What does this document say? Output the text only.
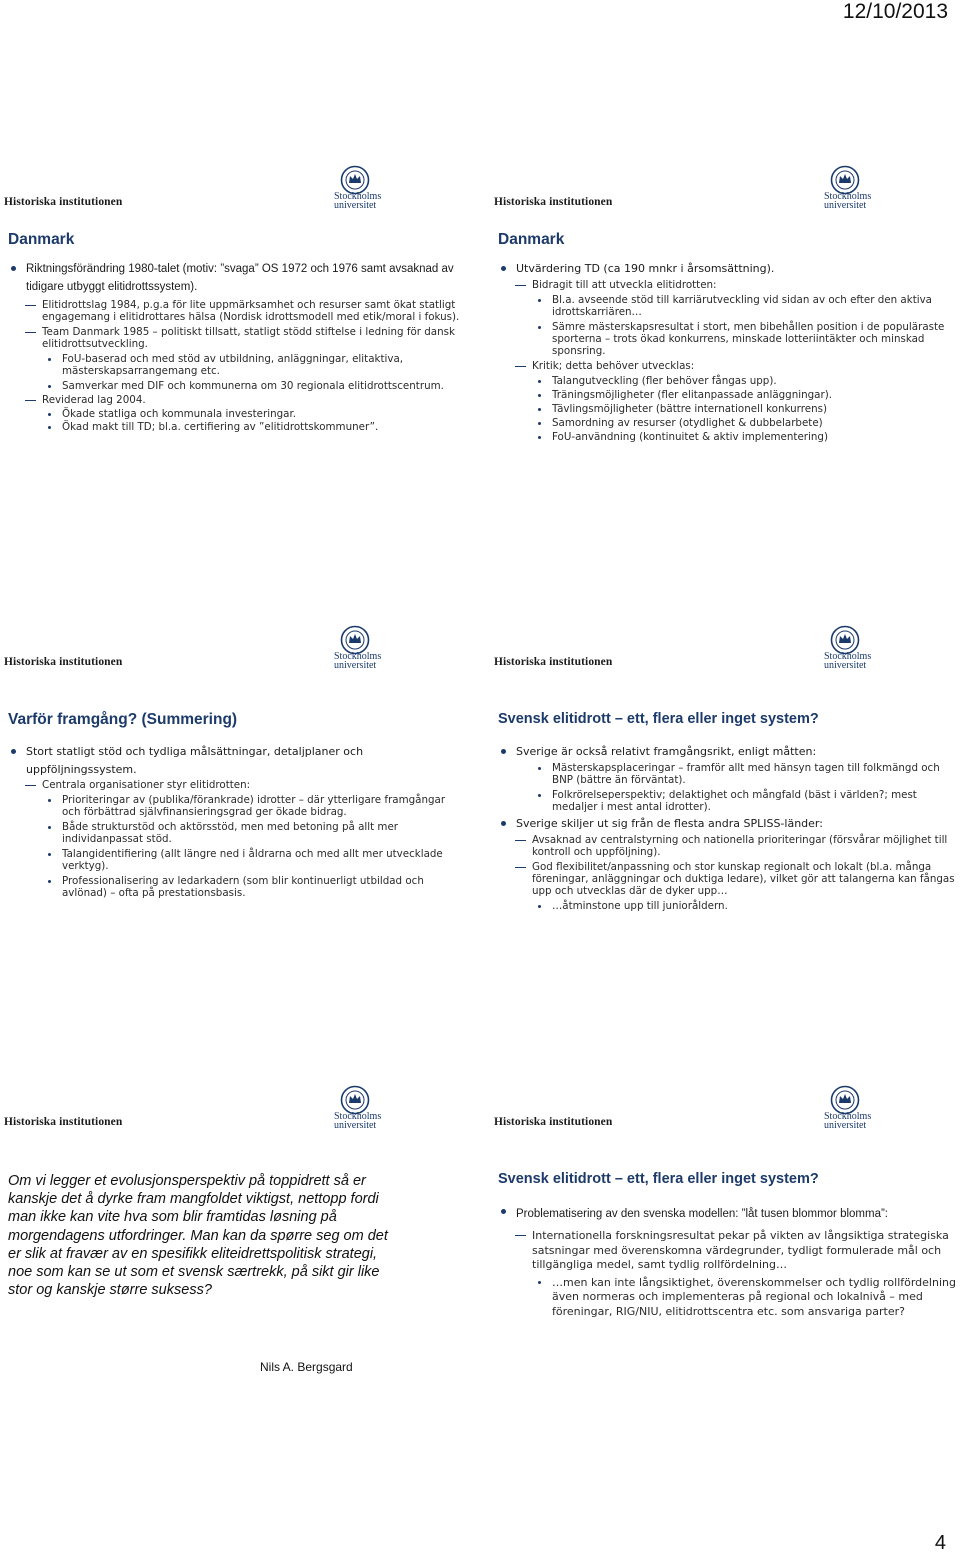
12/10/2013
Historiska institutionen	Stockholms
universitet
Danmark

Riktningsförändring 1980-talet (motiv: ”svaga” OS 1972 och 1976 samt avsaknad av tidigare utbyggt elitidrottssystem).

Elitidrottslag 1984, p.g.a för lite uppmärksamhet och resurser samt ökat statligt engagemang i elitidrottares hälsa (Nordisk idrottsmodell med etik/moral i fokus).

Team Danmark 1985 – politiskt tillsatt, statligt stödd stiftelse i ledning för dansk elitidrottsutveckling.

FoU-baserad och med stöd av utbildning, anläggningar, elitaktiva, mästerskapsarrangemang etc.

Samverkar med DIF och kommunerna om 30 regionala elitidrottscentrum.

Reviderad lag 2004.

Ökade statliga och kommunala investeringar.

Ökad makt till TD; bl.a. certifiering av ”elitidrottskommuner”.

Historiska institutionen	Stockholms
universitet
Danmark

Utvärdering TD (ca 190 mnkr i årsomsättning).

Bidragit till att utveckla elitidrotten:

Bl.a. avseende stöd till karriärutveckling vid sidan av och efter den aktiva idrottskarriären…

Sämre mästerskapsresultat i stort, men bibehållen position i de populäraste sporterna – trots ökad konkurrens, minskade lotteriintäkter och minskad sponsring.

Kritik; detta behöver utvecklas:

Talangutveckling (fler behöver fångas upp).

Träningsmöjligheter (fler elitanpassade anläggningar).

Tävlingsmöjligheter (bättre internationell konkurrens)

Samordning av resurser (otydlighet & dubbelarbete)

FoU-användning (kontinuitet & aktiv implementering)

Historiska institutionen	Stockholms
universitet
Varför framgång? (Summering)

Stort statligt stöd och tydliga målsättningar, detaljplaner och uppföljningssystem.

Centrala organisationer styr elitidrotten:

Prioriteringar av (publika/förankrade) idrotter – där ytterligare framgångar och förbättrad självfinansieringsgrad ger ökade bidrag.

Både strukturstöd och aktörsstöd, men med betoning på allt mer individanpassat stöd.

Talangidentifiering (allt längre ned i åldrarna och med allt mer utvecklade verktyg).

Professionalisering av ledarkadern (som blir kontinuerligt utbildad och avlönad) – ofta på prestationsbasis.

Historiska institutionen	Stockholms
universitet
Svensk elitidrott – ett, flera eller inget system?

Sverige är också relativt framgångsrikt, enligt måtten:

Mästerskapsplaceringar – framför allt med hänsyn tagen till folkmängd och BNP (bättre än förväntat).

Folkrörelseperspektiv; delaktighet och mångfald (bäst i världen?; mest medaljer i mest antal idrotter).

Sverige skiljer ut sig från de flesta andra SPLISS-länder:

Avsaknad av centralstyrning och nationella prioriteringar (försvårar möjlighet till kontroll och uppföljning).

God flexibilitet/anpassning och stor kunskap regionalt och lokalt (bl.a. många föreningar, anläggningar och duktiga ledare), vilket gör att talangerna kan fångas upp och utvecklas där de dyker upp…

…åtminstone upp till junioråldern.

Historiska institutionen	Stockholms
universitet
Om vi legger et evolusjonsperspektiv på toppidrett så er kanskje det å dyrke fram mangfoldet viktigst, nettopp fordi man ikke kan vite hva som blir framtidas løsning på morgendagens utfordringer. Man kan da spørre seg om det er slik at fravær av en spesifikk eliteidrettspolitisk strategi, noe som kan se ut som et svensk særtrekk, på sikt gir like stor og kanskje større suksess?
Nils A. Bergsgard
Historiska institutionen	Stockholms
universitet
Svensk elitidrott – ett, flera eller inget system?

Problematisering av den svenska modellen: ”låt tusen blommor blomma”:

Internationella forskningsresultat pekar på vikten av långsiktiga strategiska satsningar med överenskomna värdegrunder, tydligt formulerade mål och tillgängliga medel, samt tydlig rollfördelning…

…men kan inte långsiktighet, överenskommelser och tydlig rollfördelning även normeras och implementeras på regional och lokalnivå – med föreningar, RIG/NIU, elitidrottscentra etc. som ansvariga parter?

4
